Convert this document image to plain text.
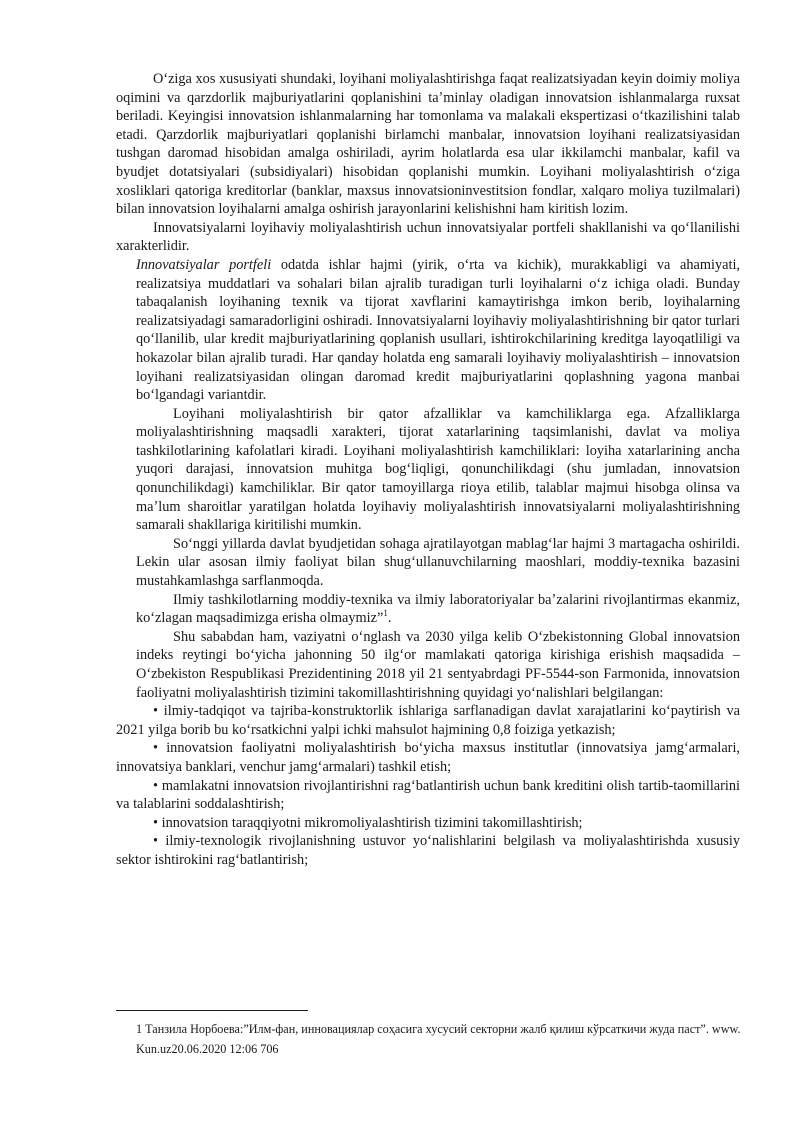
Oʻziga xos xususiyati shundaki, loyihani moliyalashtirishga faqat realizatsiyadan keyin doimiy moliya oqimini va qarzdorlik majburiyatlarini qoplanishini taʼminlay oladigan innovatsion ishlanmalarga ruxsat beriladi. Keyingisi innovatsion ishlanmalarning har tomonlama va malakali ekspertizasi oʻtkazilishini talab etadi. Qarzdorlik majburiyatlari qoplanishi birlamchi manbalar, innovatsion loyihani realizatsiyasidan tushgan daromad hisobidan amalga oshiriladi, ayrim holatlarda esa ular ikkilamchi manbalar, kafil va byudjet dotatsiyalari (subsidiyalari) hisobidan qoplanishi mumkin. Loyihani moliyalashtirish oʻziga xosliklari qatoriga kreditorlar (banklar, maxsus innovatsioninvestitsion fondlar, xalqaro moliya tuzilmalari) bilan innovatsion loyihalarni amalga oshirish jarayonlarini kelishishni ham kiritish lozim.

Innovatsiyalarni loyihaviy moliyalashtirish uchun innovatsiyalar portfeli shakllanishi va qoʻllanilishi xarakterlidir.

Innovatsiyalar portfeli odatda ishlar hajmi (yirik, oʻrta va kichik), murakkabligi va ahamiyati, realizatsiya muddatlari va sohalari bilan ajralib turadigan turli loyihalarni oʻz ichiga oladi. Bunday tabaqalanish loyihaning texnik va tijorat xavflarini kamaytirishga imkon berib, loyihalarning realizatsiyadagi samaradorligini oshiradi. Innovatsiyalarni loyihaviy moliyalashtirishning bir qator turlari qoʻllanilib, ular kredit majburiyatlarining qoplanish usullari, ishtirokchilarining kreditga layoqatliligi va hokazolar bilan ajralib turadi. Har qanday holatda eng samarali loyihaviy moliyalashtirish – innovatsion loyihani realizatsiyasidan olingan daromad kredit majburiyatlarini qoplashning yagona manbai boʻlgandagi variantdir.

Loyihani moliyalashtirish bir qator afzalliklar va kamchiliklarga ega. Afzalliklarga moliyalashtirishning maqsadli xarakteri, tijorat xatarlarining taqsimlanishi, davlat va moliya tashkilotlarining kafolatlari kiradi. Loyihani moliyalashtirish kamchiliklari: loyiha xatarlarining ancha yuqori darajasi, innovatsion muhitga bogʻliqligi, qonunchilikdagi (shu jumladan, innovatsion qonunchilikdagi) kamchiliklar. Bir qator tamoyillarga rioya etilib, talablar majmui hisobga olinsa va maʼlum sharoitlar yaratilgan holatda loyihaviy moliyalashtirish innovatsiyalarni moliyalashtirishning samarali shakllariga kiritilishi mumkin.

Soʻnggi yillarda davlat byudjetidan sohaga ajratilayotgan mablagʻlar hajmi 3 martagacha oshirildi. Lekin ular asosan ilmiy faoliyat bilan shugʻullanuvchilarning maoshlari, moddiy-texnika bazasini mustahkamlashga sarflanmoqda.

Ilmiy tashkilotlarning moddiy-texnika va ilmiy laboratoriyalar baʼzalarini rivojlantirmas ekanmiz, koʻzlagan maqsadimizga erisha olmaymiz”$^1$.

Shu sababdan ham, vaziyatni oʻnglash va 2030 yilga kelib Oʻzbekistonning Global innovatsion indeks reytingi boʻyicha jahonning 50 ilgʻor mamlakati qatoriga kirishiga erishish maqsadida – Oʻzbekiston Respublikasi Prezidentining 2018 yil 21 sentyabrdagi PF-5544-son Farmonida, innovatsion faoliyatni moliyalashtirish tizimini takomillashtirishning quyidagi yoʻnalishlari belgilangan:

• ilmiy-tadqiqot va tajriba-konstruktorlik ishlariga sarflanadigan davlat xarajatlarini koʻpaytirish va 2021 yilga borib bu koʻrsatkichni yalpi ichki mahsulot hajmining 0,8 foiziga yetkazish;

• innovatsion faoliyatni moliyalashtirish boʻyicha maxsus institutlar (innovatsiya jamgʻarmalari, innovatsiya banklari, venchur jamgʻarmalari) tashkil etish;

• mamlakatni innovatsion rivojlantirishni ragʻbatlantirish uchun bank kreditini olish tartib-taomillarini va talablarini soddalashtirish;

• innovatsion taraqqiyotni mikromoliyalashtirish tizimini takomillashtirish;

• ilmiy-texnologik rivojlanishning ustuvor yoʻnalishlarini belgilash va moliyalashtirishda xususiy sektor ishtirokini ragʻbatlantirish;

1 Танзила Норбоева:”Илм-фан, инновациялар соҳасига хусусий секторни жалб қилиш кўрсаткичи жуда паст”. www. Kun.uz20.06.2020 12:06 706
